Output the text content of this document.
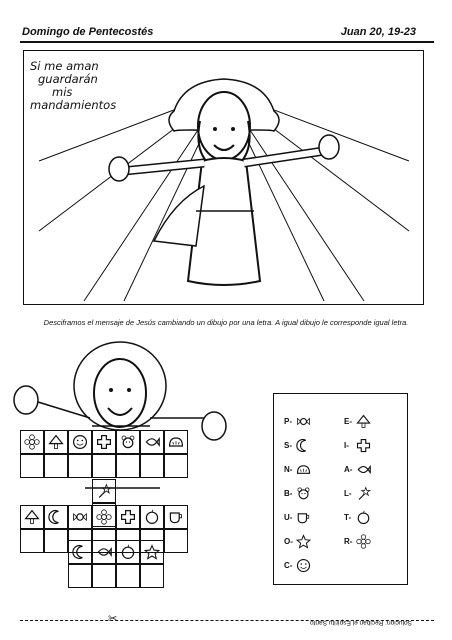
Domingo de Pentecostés	Juan 20, 19-23
Si me aman
guardarán
mis
mandamientos
Desciframos el mensaje de Jesús cambiando un dibujo por una letra. A igual dibujo le corresponde igual letra.
P-
S-
N-
B-
U-
O-
C-
E-
I-
A-
L-
T-
R-
✂	Solucion: Reciban el Espíritu Santo
